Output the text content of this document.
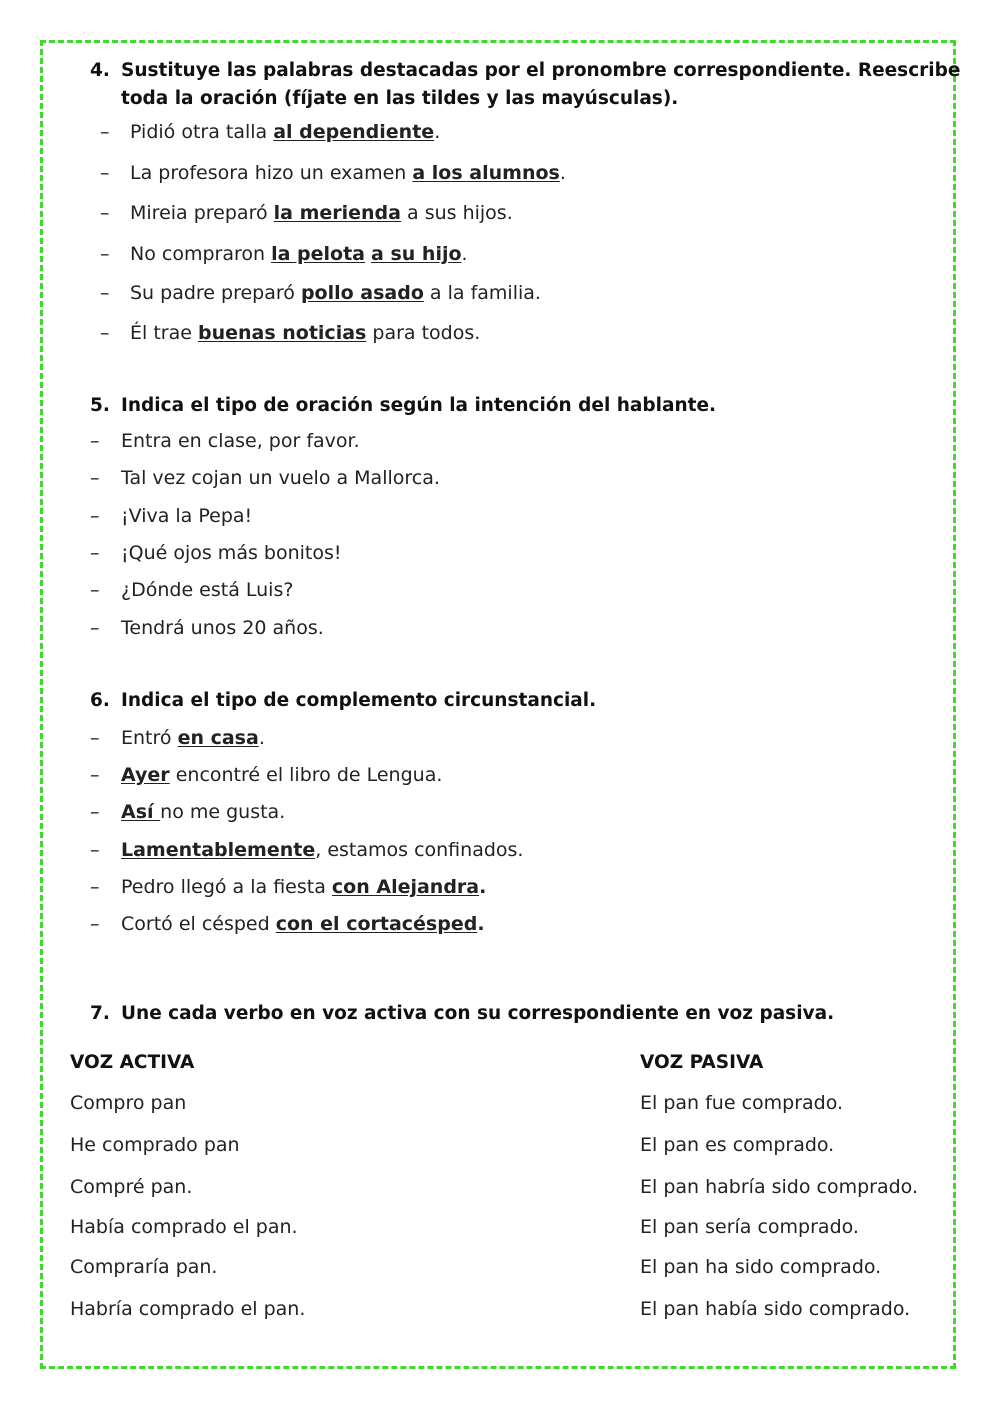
4. Sustituye las palabras destacadas por el pronombre correspondiente. Reescribe
toda la oración (fíjate en las tildes y las mayúsculas).
– Pidió otra talla al dependiente.
– La profesora hizo un examen a los alumnos.
– Mireia preparó la merienda a sus hijos.
– No compraron la pelota a su hijo.
– Su padre preparó pollo asado a la familia.
– Él trae buenas noticias para todos.
5. Indica el tipo de oración según la intención del hablante.
– Entra en clase, por favor.
– Tal vez cojan un vuelo a Mallorca.
– ¡Viva la Pepa!
– ¡Qué ojos más bonitos!
– ¿Dónde está Luis?
– Tendrá unos 20 años.
6. Indica el tipo de complemento circunstancial.
– Entró en casa.
– Ayer encontré el libro de Lengua.
– Así no me gusta.
– Lamentablemente, estamos confinados.
– Pedro llegó a la fiesta con Alejandra.
– Cortó el césped con el cortacésped.
7. Une cada verbo en voz activa con su correspondiente en voz pasiva.
VOZ ACTIVA	VOZ PASIVA
Compro pan
He comprado pan
Compré pan.
Había comprado el pan.
Compraría pan.
Habría comprado el pan.
El pan fue comprado.
El pan es comprado.
El pan habría sido comprado.
El pan sería comprado.
El pan ha sido comprado.
El pan había sido comprado.
